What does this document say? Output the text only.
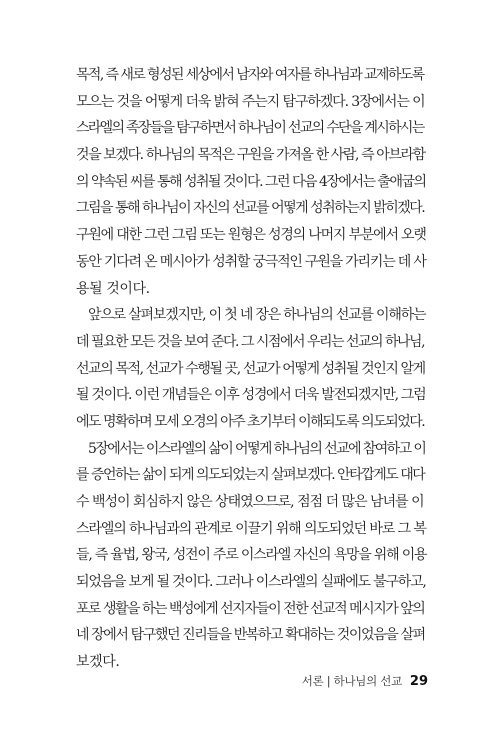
목적, 즉 새로 형성된 세상에서 남자와 여자를 하나님과 교제하도록
모으는 것을 어떻게 더욱 밝혀 주는지 탐구하겠다. 3장에서는 이
스라엘의 족장들을 탐구하면서 하나님이 선교의 수단을 계시하시는
것을 보겠다. 하나님의 목적은 구원을 가져올 한 사람, 즉 아브라함
의 약속된 씨를 통해 성취될 것이다. 그런 다음 4장에서는 출애굽의
그림을 통해 하나님이 자신의 선교를 어떻게 성취하는지 밝히겠다.
구원에 대한 그런 그림 또는 원형은 성경의 나머지 부분에서 오랫
동안 기다려 온 메시아가 성취할 궁극적인 구원을 가리키는 데 사
용될 것이다.
앞으로 살펴보겠지만, 이 첫 네 장은 하나님의 선교를 이해하는
데 필요한 모든 것을 보여 준다. 그 시점에서 우리는 선교의 하나님,
선교의 목적, 선교가 수행될 곳, 선교가 어떻게 성취될 것인지 알게
될 것이다. 이런 개념들은 이후 성경에서 더욱 발전되겠지만, 그럼
에도 명확하며 모세 오경의 아주 초기부터 이해되도록 의도되었다.
5장에서는 이스라엘의 삶이 어떻게 하나님의 선교에 참여하고 이
를 증언하는 삶이 되게 의도되었는지 살펴보겠다. 안타깝게도 대다
수 백성이 회심하지 않은 상태였으므로, 점점 더 많은 남녀를 이
스라엘의 하나님과의 관계로 이끌기 위해 의도되었던 바로 그 복
들, 즉 율법, 왕국, 성전이 주로 이스라엘 자신의 욕망을 위해 이용
되었음을 보게 될 것이다. 그러나 이스라엘의 실패에도 불구하고,
포로 생활을 하는 백성에게 선지자들이 전한 선교적 메시지가 앞의
네 장에서 탐구했던 진리들을 반복하고 확대하는 것이었음을 살펴
보겠다.
서론 | 하나님의 선교 29
